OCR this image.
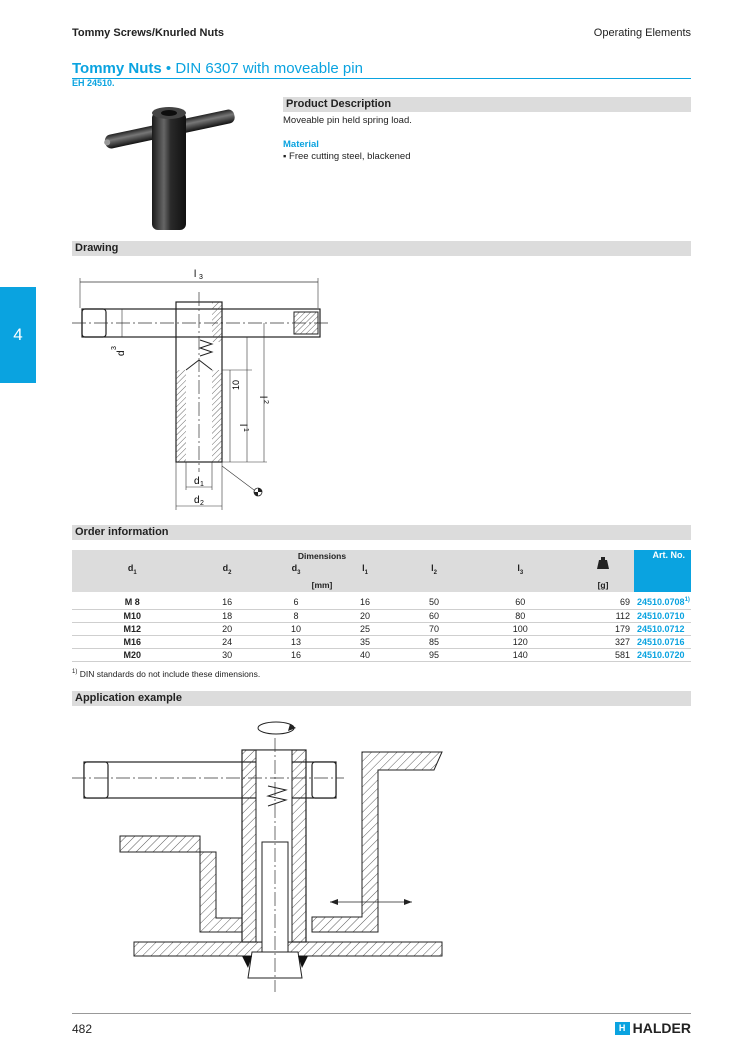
Tommy Screws/Knurled Nuts	Operating Elements
4
Tommy Nuts • DIN 6307 with moveable pin
EH 24510.
Product Description
Moveable pin held spring load.
Material
▪ Free cutting steel, blackened
Drawing
l 3
d
3
10
l
2
l
1
d 1
d 2
Order information
Dimensions							Art. No.
$d_1$	$d_2$	$d_3$	$l_1$	$l_2$	$l_3$
[mm]						[g]	

M 8	16	6	16	50	60	69	24510.0708$^{1)}$
M10	18	8	20	60	80	112	24510.0710
M12	20	10	25	70	100	179	24510.0712
M16	24	13	35	85	120	327	24510.0716
M20	30	16	40	95	140	581	24510.0720
$^{1)}$ DIN standards do not include these dimensions.
Application example
482	H HALDER
